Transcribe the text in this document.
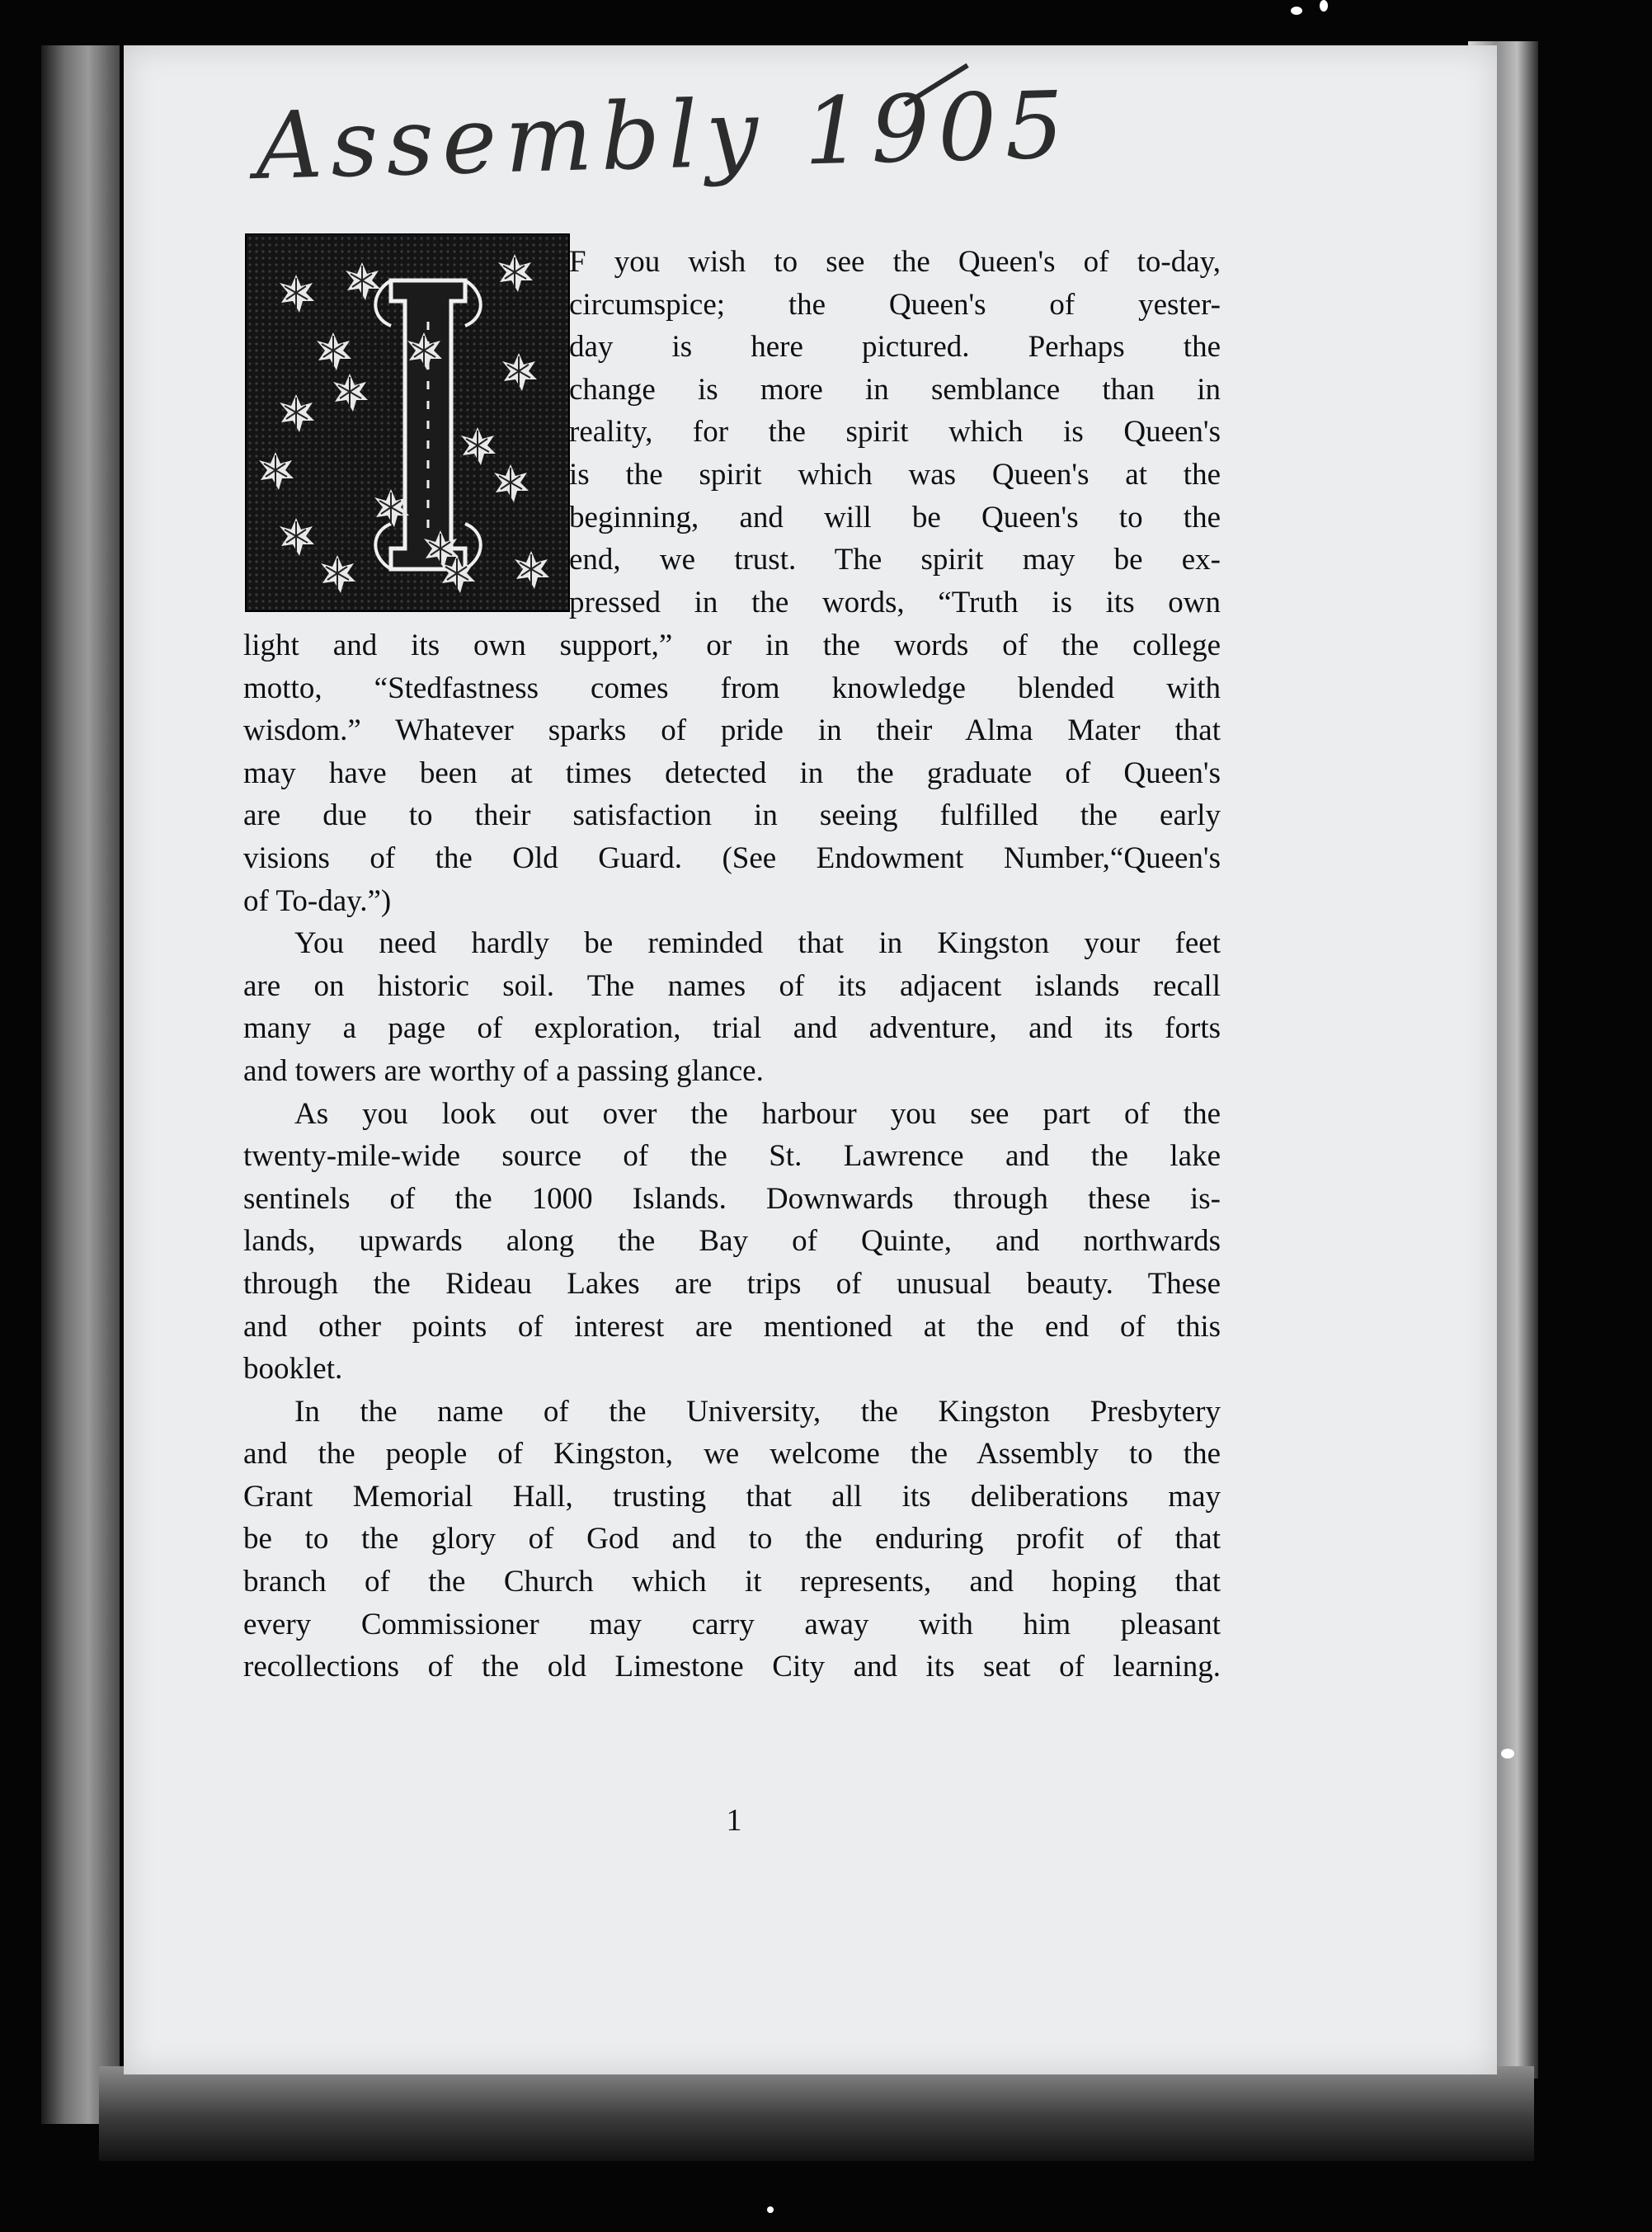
Assembly 1905
F you wish to see the Queen's of to-day,
circumspice; the Queen's of yester-
day is here pictured. Perhaps the
change is more in semblance than in
reality, for the spirit which is Queen's
is the spirit which was Queen's at the
beginning, and will be Queen's to the
end, we trust. The spirit may be ex-
pressed in the words, “Truth is its own
light and its own support,” or in the words of the college
motto, “Stedfastness comes from knowledge blended with
wisdom.” Whatever sparks of pride in their Alma Mater that
may have been at times detected in the graduate of Queen's
are due to their satisfaction in seeing fulfilled the early
visions of the Old Guard. (See Endowment Number,“Queen's
of To-day.”)
You need hardly be reminded that in Kingston your feet
are on historic soil. The names of its adjacent islands recall
many a page of exploration, trial and adventure, and its forts
and towers are worthy of a passing glance.
As you look out over the harbour you see part of the
twenty-mile-wide source of the St. Lawrence and the lake
sentinels of the 1000 Islands. Downwards through these is-
lands, upwards along the Bay of Quinte, and northwards
through the Rideau Lakes are trips of unusual beauty. These
and other points of interest are mentioned at the end of this
booklet.
In the name of the University, the Kingston Presbytery
and the people of Kingston, we welcome the Assembly to the
Grant Memorial Hall, trusting that all its deliberations may
be to the glory of God and to the enduring profit of that
branch of the Church which it represents, and hoping that
every Commissioner may carry away with him pleasant
recollections of the old Limestone City and its seat of learning.
1
